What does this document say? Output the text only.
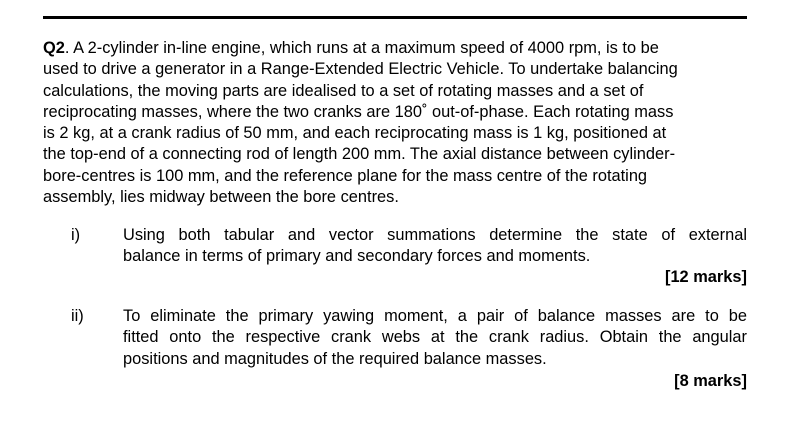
Q2. A 2-cylinder in-line engine, which runs at a maximum speed of 4000 rpm, is to be
used to drive a generator in a Range-Extended Electric Vehicle. To undertake balancing
calculations, the moving parts are idealised to a set of rotating masses and a set of
reciprocating masses, where the two cranks are 180˚ out-of-phase. Each rotating mass
is 2 kg, at a crank radius of 50 mm, and each reciprocating mass is 1 kg, positioned at
the top-end of a connecting rod of length 200 mm. The axial distance between cylinder-
bore-centres is 100 mm, and the reference plane for the mass centre of the rotating
assembly, lies midway between the bore centres.
i)	Using both tabular and vector summations determine the state of external
balance in terms of primary and secondary forces and moments.
[12 marks]
ii) To eliminate the primary yawing moment, a pair of balance masses are to be
fitted onto the respective crank webs at the crank radius. Obtain the angular
positions and magnitudes of the required balance masses.
[8 marks]
